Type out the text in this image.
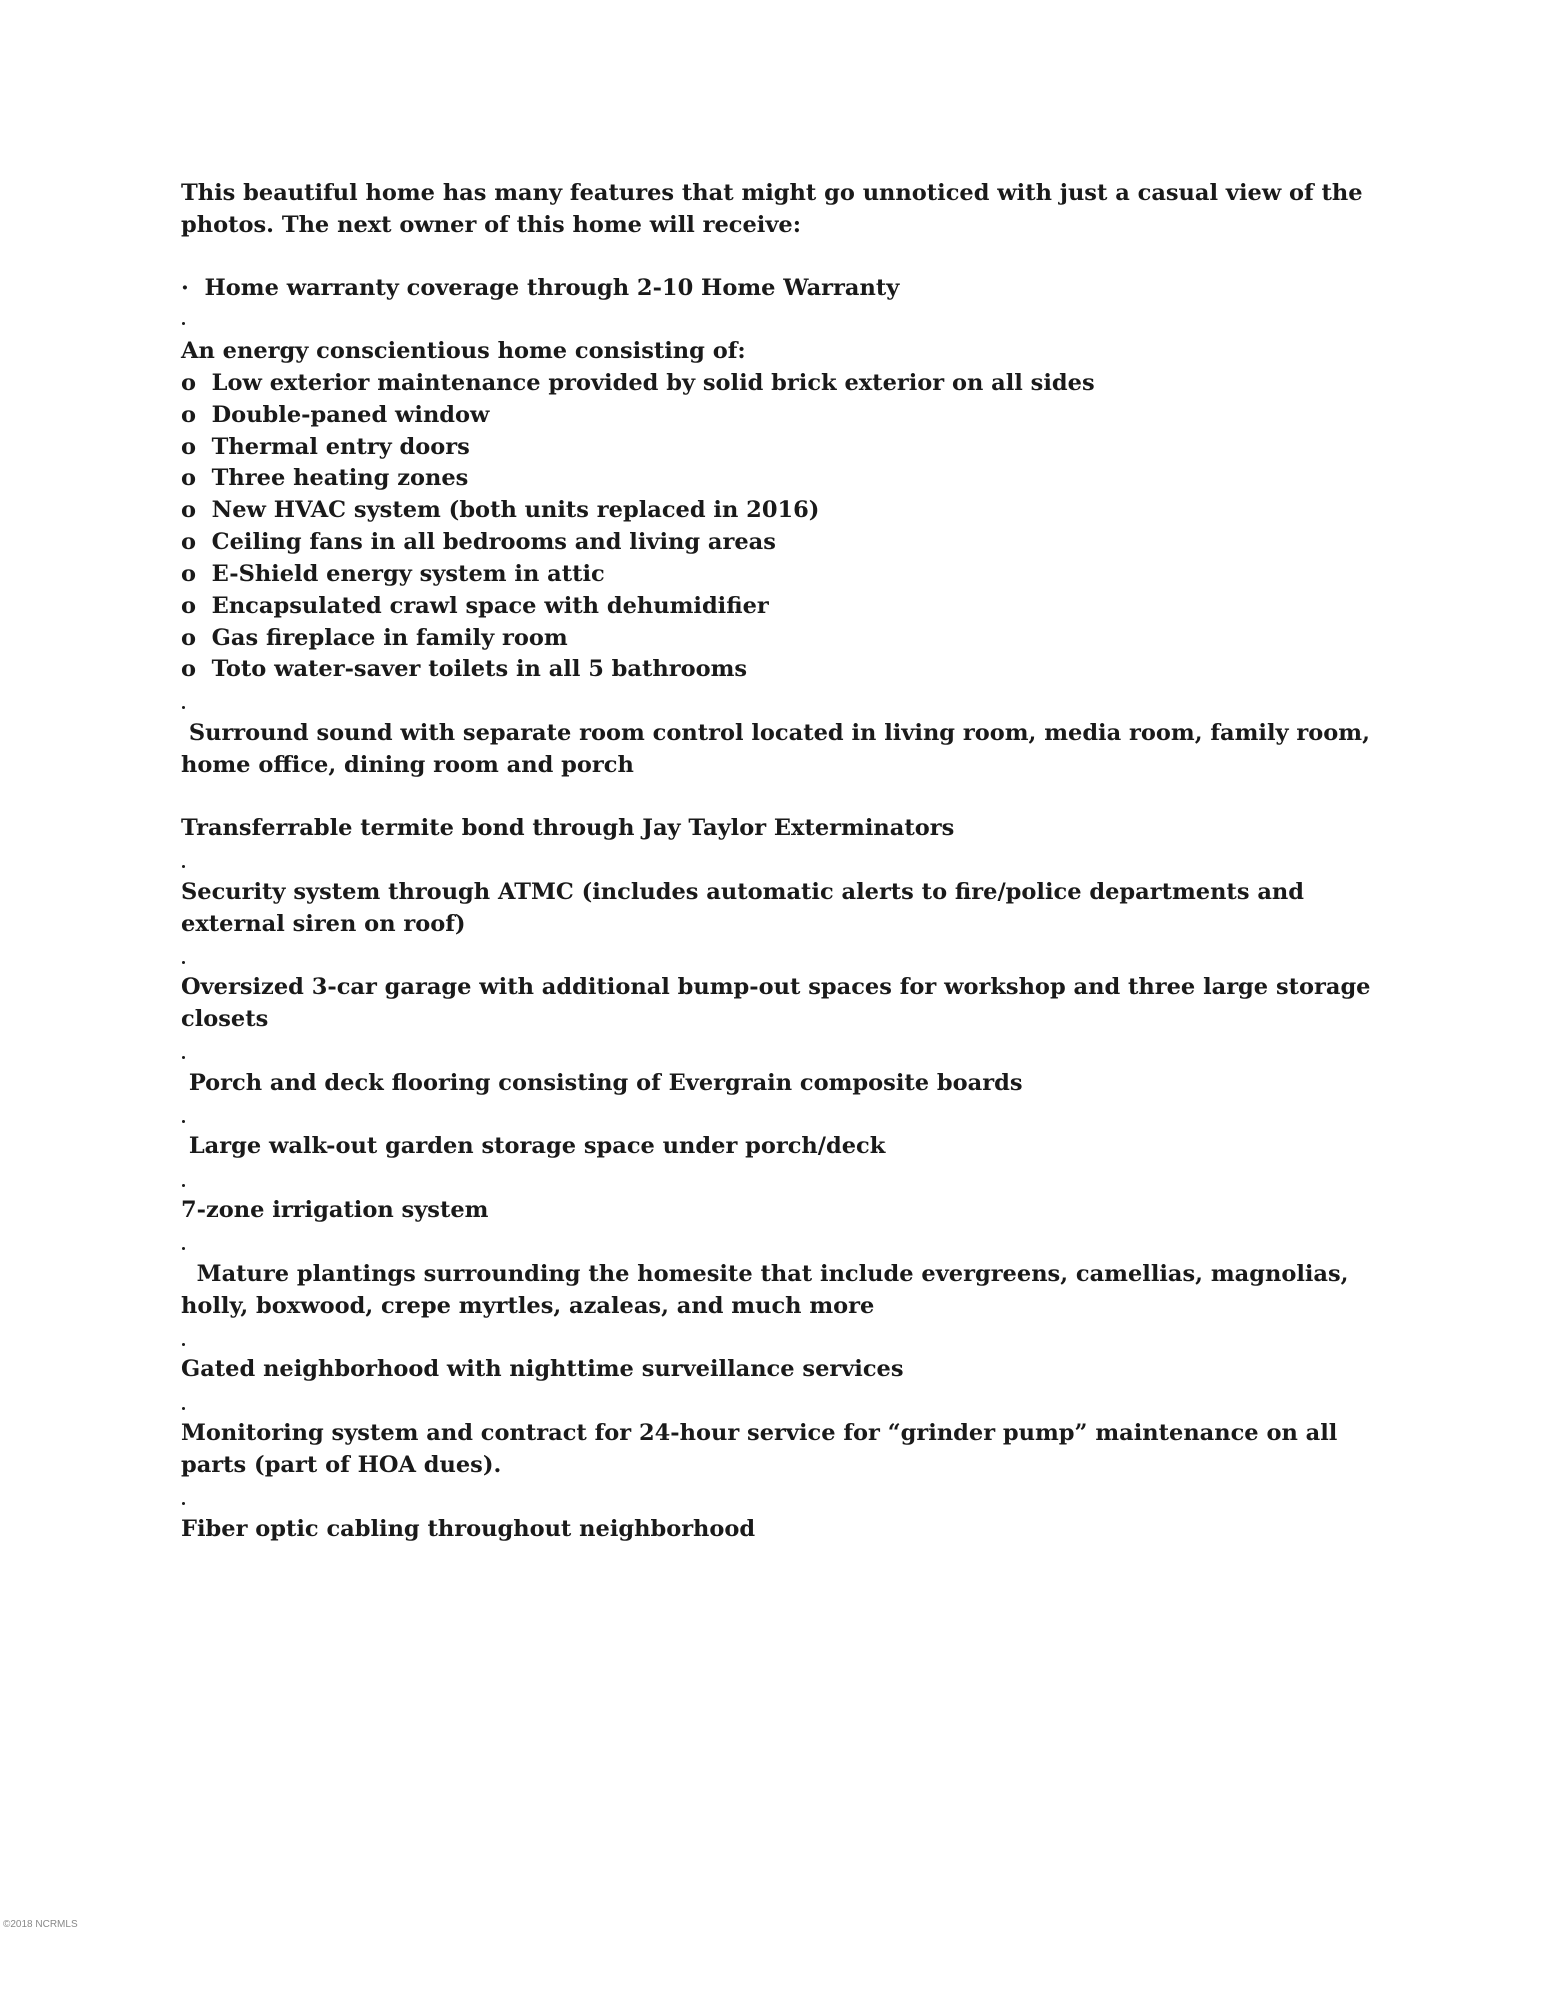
This beautiful home has many features that might go unnoticed with just a casual view of the
photos. The next owner of this home will receive:
·  Home warranty coverage through 2-10 Home Warranty
An energy conscientious home consisting of:
o  Low exterior maintenance provided by solid brick exterior on all sides
o  Double-paned window
o  Thermal entry doors
o  Three heating zones
o  New HVAC system (both units replaced in 2016)
o  Ceiling fans in all bedrooms and living areas
o  E-Shield energy system in attic
o  Encapsulated crawl space with dehumidifier
o  Gas fireplace in family room
o  Toto water-saver toilets in all 5 bathrooms
Surround sound with separate room control located in living room, media room, family room,
home office, dining room and porch
Transferrable termite bond through Jay Taylor Exterminators
Security system through ATMC (includes automatic alerts to fire/police departments and
external siren on roof)
Oversized 3-car garage with additional bump-out spaces for workshop and three large storage
closets
Porch and deck flooring consisting of Evergrain composite boards
Large walk-out garden storage space under porch/deck
7-zone irrigation system
Mature plantings surrounding the homesite that include evergreens, camellias, magnolias,
holly, boxwood, crepe myrtles, azaleas, and much more
Gated neighborhood with nighttime surveillance services
Monitoring system and contract for 24-hour service for “grinder pump” maintenance on all
parts (part of HOA dues).
Fiber optic cabling throughout neighborhood
©2018 NCRMLS
